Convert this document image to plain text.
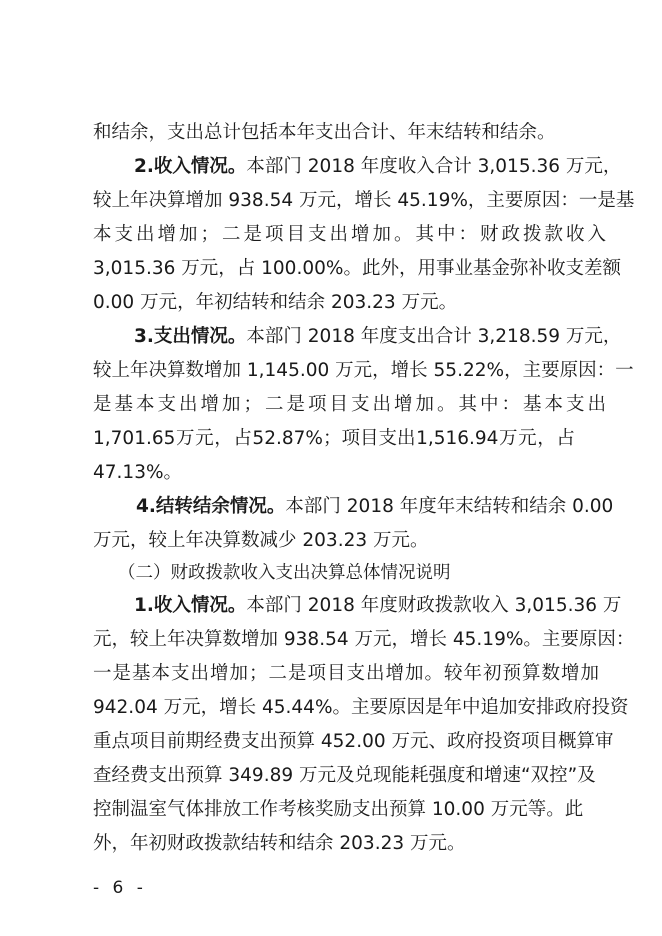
和结余，支出总计包括本年支出合计、年末结转和结余。
2.收入情况。本部门 2018 年度收入合计 3,015.36 万元，
较上年决算增加 938.54 万元，增长 45.19%，主要原因：一是基
本支出增加；二是项目支出增加。其中：财政拨款收入
3,015.36 万元，占 100.00%。此外，用事业基金弥补收支差额
0.00 万元，年初结转和结余 203.23 万元。
3.支出情况。本部门 2018 年度支出合计 3,218.59 万元，
较上年决算数增加 1,145.00 万元，增长 55.22%，主要原因：一
是基本支出增加；二是项目支出增加。其中：基本支出
1,701.65 万 元 ， 占 52.87%；项目支出 1,516.94 万 元 ， 占
47.13%。
4.结转结余情况。本部门 2018 年度年末结转和结余 0.00
万元，较上年决算数减少 203.23 万元。
（二）财政拨款收入支出决算总体情况说明
1.收入情况。本部门 2018 年度财政拨款收入 3,015.36 万
元，较上年决算数增加 938.54 万元，增长 45.19%。主要原因：
一是基本支出增加；二是项目支出增加。较年初预算数增加
942.04 万元，增长 45.44%。主要原因是年中追加安排政府投资
重点项目前期经费支出预算 452.00 万元、政府投资项目概算审
查经费支出预算 349.89 万元及兑现能耗强度和增速“双控”及
控制温室气体排放工作考核奖励支出预算 10.00 万元等。此
外，年初财政拨款结转和结余 203.23 万元。
- 6 -
